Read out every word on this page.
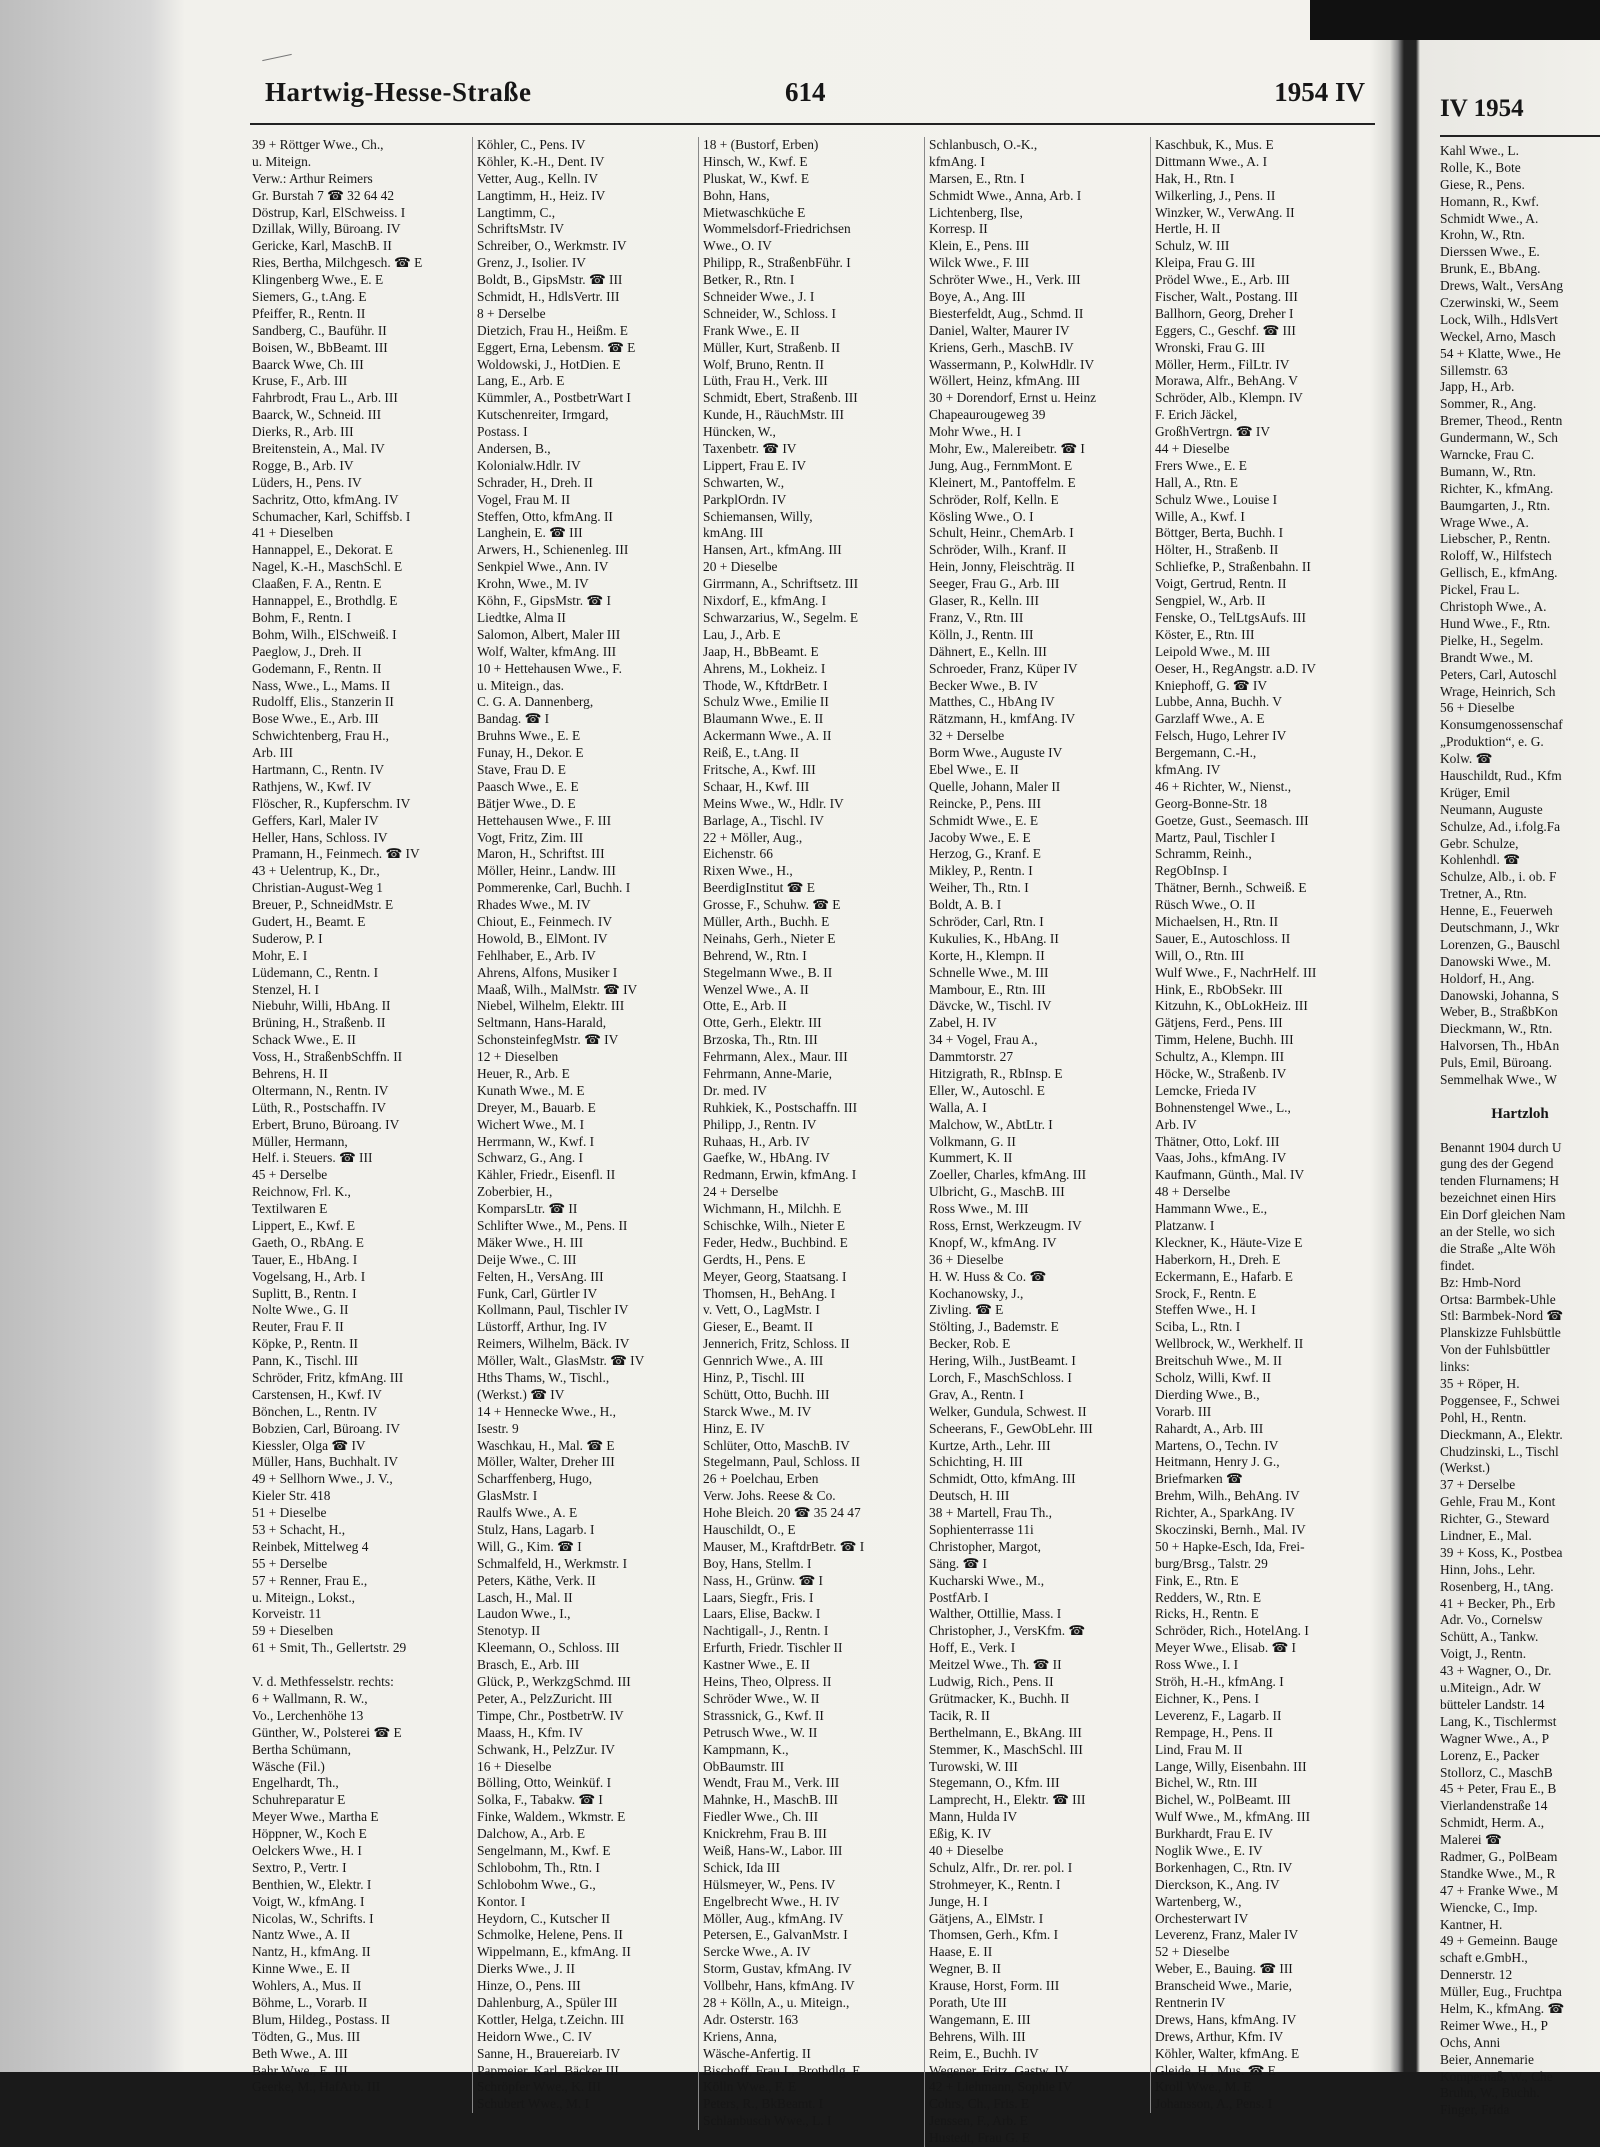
Hartwig-Hesse-Straße	614	1954 IV
39 + Röttger Wwe., Ch.,
u. Miteign.
Verw.: Arthur Reimers
Gr. Burstah 7 ☎ 32 64 42
Döstrup, Karl, ElSchweiss. I
Dzillak, Willy, Büroang. IV
Gericke, Karl, MaschB. II
Ries, Bertha, Milchgesch. ☎ E
Klingenberg Wwe., E. E
Siemers, G., t.Ang. E
Pfeiffer, R., Rentn. II
Sandberg, C., Bauführ. II
Boisen, W., BbBeamt. III
Baarck Wwe, Ch. III
Kruse, F., Arb. III
Fahrbrodt, Frau L., Arb. III
Baarck, W., Schneid. III
Dierks, R., Arb. III
Breitenstein, A., Mal. IV
Rogge, B., Arb. IV
Lüders, H., Pens. IV
Sachritz, Otto, kfmAng. IV
Schumacher, Karl, Schiffsb. I
41 + Dieselben
Hannappel, E., Dekorat. E
Nagel, K.-H., MaschSchl. E
Claaßen, F. A., Rentn. E
Hannappel, E., Brothdlg. E
Bohm, F., Rentn. I
Bohm, Wilh., ElSchweiß. I
Paeglow, J., Dreh. II
Godemann, F., Rentn. II
Nass, Wwe., L., Mams. II
Rudolff, Elis., Stanzerin II
Bose Wwe., E., Arb. III
Schwichtenberg, Frau H.,
Arb. III
Hartmann, C., Rentn. IV
Rathjens, W., Kwf. IV
Flöscher, R., Kupferschm. IV
Geffers, Karl, Maler IV
Heller, Hans, Schloss. IV
Pramann, H., Feinmech. ☎ IV
43 + Uelentrup, K., Dr.,
Christian-August-Weg 1
Breuer, P., SchneidMstr. E
Gudert, H., Beamt. E
Suderow, P. I
Mohr, E. I
Lüdemann, C., Rentn. I
Stenzel, H. I
Niebuhr, Willi, HbAng. II
Brüning, H., Straßenb. II
Schack Wwe., E. II
Voss, H., StraßenbSchffn. II
Behrens, H. II
Oltermann, N., Rentn. IV
Lüth, R., Postschaffn. IV
Erbert, Bruno, Büroang. IV
Müller, Hermann,
Helf. i. Steuers. ☎ III
45 + Derselbe
Reichnow, Frl. K.,
Textilwaren E
Lippert, E., Kwf. E
Gaeth, O., RbAng. E
Tauer, E., HbAng. I
Vogelsang, H., Arb. I
Suplitt, B., Rentn. I
Nolte Wwe., G. II
Reuter, Frau F. II
Köpke, P., Rentn. II
Pann, K., Tischl. III
Schröder, Fritz, kfmAng. III
Carstensen, H., Kwf. IV
Bönchen, L., Rentn. IV
Bobzien, Carl, Büroang. IV
Kiessler, Olga ☎ IV
Müller, Hans, Buchhalt. IV
49 + Sellhorn Wwe., J. V.,
Kieler Str. 418
51 + Dieselbe
53 + Schacht, H.,
Reinbek, Mittelweg 4
55 + Derselbe
57 + Renner, Frau E.,
u. Miteign., Lokst.,
Korveistr. 11
59 + Dieselben
61 + Smit, Th., Gellertstr. 29
V. d. Methfesselstr. rechts:
6 + Wallmann, R. W.,
Vo., Lerchenhöhe 13
Günther, W., Polsterei ☎ E
Bertha Schümann,
Wäsche (Fil.)
Engelhardt, Th.,
Schuhreparatur E
Meyer Wwe., Martha E
Höppner, W., Koch E
Oelckers Wwe., H. I
Sextro, P., Vertr. I
Benthien, W., Elektr. I
Voigt, W., kfmAng. I
Nicolas, W., Schrifts. I
Nantz Wwe., A. II
Nantz, H., kfmAng. II
Kinne Wwe., E. II
Wohlers, A., Mus. II
Böhme, L., Vorarb. II
Blum, Hildeg., Postass. II
Tödten, G., Mus. III
Beth Wwe., A. III
Bahr Wwe., E. III
Geerke, M., HafArb. III
Köhler, C., Pens. IV
Köhler, K.-H., Dent. IV
Vetter, Aug., Kelln. IV
Langtimm, H., Heiz. IV
Langtimm, C.,
SchriftsMstr. IV
Schreiber, O., Werkmstr. IV
Grenz, J., Isolier. IV
Boldt, B., GipsMstr. ☎ III
Schmidt, H., HdlsVertr. III
8 + Derselbe
Dietzich, Frau H., Heißm. E
Eggert, Erna, Lebensm. ☎ E
Woldowski, J., HotDien. E
Lang, E., Arb. E
Kümmler, A., PostbetrWart I
Kutschenreiter, Irmgard,
Postass. I
Andersen, B.,
Kolonialw.Hdlr. IV
Schrader, H., Dreh. II
Vogel, Frau M. II
Steffen, Otto, kfmAng. II
Langhein, E. ☎ III
Arwers, H., Schienenleg. III
Senkpiel Wwe., Ann. IV
Krohn, Wwe., M. IV
Köhn, F., GipsMstr. ☎ I
Liedtke, Alma II
Salomon, Albert, Maler III
Wolf, Walter, kfmAng. III
10 + Hettehausen Wwe., F.
u. Miteign., das.
C. G. A. Dannenberg,
Bandag. ☎ I
Bruhns Wwe., E. E
Funay, H., Dekor. E
Stave, Frau D. E
Paasch Wwe., E. E
Bätjer Wwe., D. E
Hettehausen Wwe., F. III
Vogt, Fritz, Zim. III
Maron, H., Schriftst. III
Möller, Heinr., Landw. III
Pommerenke, Carl, Buchh. I
Rhades Wwe., M. IV
Chiout, E., Feinmech. IV
Howold, B., ElMont. IV
Fehlhaber, E., Arb. IV
Ahrens, Alfons, Musiker I
Maaß, Wilh., MalMstr. ☎ IV
Niebel, Wilhelm, Elektr. III
Seltmann, Hans-Harald,
SchonsteinfegMstr. ☎ IV
12 + Dieselben
Heuer, R., Arb. E
Kunath Wwe., M. E
Dreyer, M., Bauarb. E
Wichert Wwe., M. I
Herrmann, W., Kwf. I
Schwarz, G., Ang. I
Kähler, Friedr., Eisenfl. II
Zoberbier, H.,
KomparsLtr. ☎ II
Schlifter Wwe., M., Pens. II
Mäker Wwe., H. III
Deije Wwe., C. III
Felten, H., VersAng. III
Funk, Carl, Gürtler IV
Kollmann, Paul, Tischler IV
Lüstorff, Arthur, Ing. IV
Reimers, Wilhelm, Bäck. IV
Möller, Walt., GlasMstr. ☎ IV
Hths Thams, W., Tischl.,
(Werkst.) ☎ IV
14 + Hennecke Wwe., H.,
Isestr. 9
Waschkau, H., Mal. ☎ E
Möller, Walter, Dreher III
Scharffenberg, Hugo,
GlasMstr. I
Raulfs Wwe., A. E
Stulz, Hans, Lagarb. I
Will, G., Kim. ☎ I
Schmalfeld, H., Werkmstr. I
Peters, Käthe, Verk. II
Lasch, H., Mal. II
Laudon Wwe., I.,
Stenotyp. II
Kleemann, O., Schloss. III
Brasch, E., Arb. III
Glück, P., WerkzgSchmd. III
Peter, A., PelzZuricht. III
Timpe, Chr., PostbetrW. IV
Maass, H., Kfm. IV
Schwank, H., PelzZur. IV
16 + Dieselbe
Bölling, Otto, Weinküf. I
Solka, F., Tabakw. ☎ I
Finke, Waldem., Wkmstr. E
Dalchow, A., Arb. E
Sengelmann, M., Kwf. E
Schlobohm, Th., Rtn. I
Schlobohm Wwe., G.,
Kontor. I
Heydorn, C., Kutscher II
Schmolke, Helene, Pens. II
Wippelmann, E., kfmAng. II
Dierks Wwe., J. II
Hinze, O., Pens. III
Dahlenburg, A., Spüler III
Kottler, Helga, t.Zeichn. III
Heidorn Wwe., C. IV
Sanne, H., Brauereiarb. IV
Papmeier, Karl, Bäcker III
Schröpfer Wwe., K. III
Schubert Wwe., M. I
18 + (Bustorf, Erben)
Hinsch, W., Kwf. E
Pluskat, W., Kwf. E
Bohn, Hans,
Mietwaschküche E
Wommelsdorf-Friedrichsen
Wwe., O. IV
Philipp, R., StraßenbFühr. I
Betker, R., Rtn. I
Schneider Wwe., J. I
Schneider, W., Schloss. I
Frank Wwe., E. II
Müller, Kurt, Straßenb. II
Wolf, Bruno, Rentn. II
Lüth, Frau H., Verk. III
Schmidt, Ebert, Straßenb. III
Kunde, H., RäuchMstr. III
Hüncken, W.,
Taxenbetr. ☎ IV
Lippert, Frau E. IV
Schwarten, W.,
ParkplOrdn. IV
Schiemansen, Willy,
kmAng. III
Hansen, Art., kfmAng. III
20 + Dieselbe
Girrmann, A., Schriftsetz. III
Nixdorf, E., kfmAng. I
Schwarzarius, W., Segelm. E
Lau, J., Arb. E
Jaap, H., BbBeamt. E
Ahrens, M., Lokheiz. I
Thode, W., KftdrBetr. I
Schulz Wwe., Emilie II
Blaumann Wwe., E. II
Ackermann Wwe., A. II
Reiß, E., t.Ang. II
Fritsche, A., Kwf. III
Schaar, H., Kwf. III
Meins Wwe., W., Hdlr. IV
Barlage, A., Tischl. IV
22 + Möller, Aug.,
Eichenstr. 66
Rixen Wwe., H.,
BeerdigInstitut ☎ E
Grosse, F., Schuhw. ☎ E
Müller, Arth., Buchh. E
Neinahs, Gerh., Nieter E
Behrend, W., Rtn. I
Stegelmann Wwe., B. II
Wenzel Wwe., A. II
Otte, E., Arb. II
Otte, Gerh., Elektr. III
Brzoska, Th., Rtn. III
Fehrmann, Alex., Maur. III
Fehrmann, Anne-Marie,
Dr. med. IV
Ruhkiek, K., Postschaffn. III
Philipp, J., Rentn. IV
Ruhaas, H., Arb. IV
Gaefke, W., HbAng. IV
Redmann, Erwin, kfmAng. I
24 + Derselbe
Wichmann, H., Milchh. E
Schischke, Wilh., Nieter E
Feder, Hedw., Buchbind. E
Gerdts, H., Pens. E
Meyer, Georg, Staatsang. I
Thomsen, H., BehAng. I
v. Vett, O., LagMstr. I
Gieser, E., Beamt. II
Jennerich, Fritz, Schloss. II
Gennrich Wwe., A. III
Hinz, P., Tischl. III
Schütt, Otto, Buchh. III
Starck Wwe., M. IV
Hinz, E. IV
Schlüter, Otto, MaschB. IV
Stegelmann, Paul, Schloss. II
26 + Poelchau, Erben
Verw. Johs. Reese & Co.
Hohe Bleich. 20 ☎ 35 24 47
Hauschildt, O., E
Mauser, M., KraftdrBetr. ☎ I
Boy, Hans, Stellm. I
Nass, H., Grünw. ☎ I
Laars, Siegfr., Fris. I
Laars, Elise, Backw. I
Nachtigall-, J., Rentn. I
Erfurth, Friedr. Tischler II
Kastner Wwe., E. II
Heins, Theo, Olpress. II
Schröder Wwe., W. II
Strassnick, G., Kwf. II
Petrusch Wwe., W. II
Kampmann, K.,
ObBaumstr. III
Wendt, Frau M., Verk. III
Mahnke, H., MaschB. III
Fiedler Wwe., Ch. III
Knickrehm, Frau B. III
Weiß, Hans-W., Labor. III
Schick, Ida III
Hülsmeyer, W., Pens. IV
Engelbrecht Wwe., H. IV
Möller, Aug., kfmAng. IV
Petersen, E., GalvanMstr. I
Sercke Wwe., A. IV
Storm, Gustav, kfmAng. IV
Vollbehr, Hans, kfmAng. IV
28 + Kölln, A., u. Miteign.,
Adr. Osterstr. 163
Kriens, Anna,
Wäsche-Anfertig. II
Bischoff, Frau I., Brothdlg. E
Kölln Wwe., F. E
Peters, R., BkBeamt. I
Schlanbusch Wwe., L. I
Schlanbusch, O.-K.,
kfmAng. I
Marsen, E., Rtn. I
Schmidt Wwe., Anna, Arb. I
Lichtenberg, Ilse,
Korresp. II
Klein, E., Pens. III
Wilck Wwe., F. III
Schröter Wwe., H., Verk. III
Boye, A., Ang. III
Biesterfeldt, Aug., Schmd. II
Daniel, Walter, Maurer IV
Kriens, Gerh., MaschB. IV
Wassermann, P., KolwHdlr. IV
Wöllert, Heinz, kfmAng. III
30 + Dorendorf, Ernst u. Heinz
Chapeaurougeweg 39
Mohr Wwe., H. I
Mohr, Ew., Malereibetr. ☎ I
Jung, Aug., FernmMont. E
Kleinert, M., Pantoffelm. E
Schröder, Rolf, Kelln. E
Kösling Wwe., O. I
Schult, Heinr., ChemArb. I
Schröder, Wilh., Kranf. II
Hein, Jonny, Fleischträg. II
Seeger, Frau G., Arb. III
Glaser, R., Kelln. III
Franz, V., Rtn. III
Kölln, J., Rentn. III
Dähnert, E., Kelln. III
Schroeder, Franz, Küper IV
Becker Wwe., B. IV
Matthes, C., HbAng IV
Rätzmann, H., kmfAng. IV
32 + Derselbe
Borm Wwe., Auguste IV
Ebel Wwe., E. II
Quelle, Johann, Maler II
Reincke, P., Pens. III
Schmidt Wwe., E. E
Jacoby Wwe., E. E
Herzog, G., Kranf. E
Mikley, P., Rentn. I
Weiher, Th., Rtn. I
Boldt, A. B. I
Schröder, Carl, Rtn. I
Kukulies, K., HbAng. II
Korte, H., Klempn. II
Schnelle Wwe., M. III
Mambour, E., Rtn. III
Dävcke, W., Tischl. IV
Zabel, H. IV
34 + Vogel, Frau A.,
Dammtorstr. 27
Hitzigrath, R., RbInsp. E
Eller, W., Autoschl. E
Walla, A. I
Malchow, W., AbtLtr. I
Volkmann, G. II
Kummert, K. II
Zoeller, Charles, kfmAng. III
Ulbricht, G., MaschB. III
Ross Wwe., M. III
Ross, Ernst, Werkzeugm. IV
Knopf, W., kfmAng. IV
36 + Dieselbe
H. W. Huss & Co. ☎
Kochanowsky, J.,
Zivling. ☎ E
Stölting, J., Bademstr. E
Becker, Rob. E
Hering, Wilh., JustBeamt. I
Lorch, F., MaschSchloss. I
Grav, A., Rentn. I
Welker, Gundula, Schwest. II
Scheerans, F., GewObLehr. III
Kurtze, Arth., Lehr. III
Schichting, H. III
Schmidt, Otto, kfmAng. III
Deutsch, H. III
38 + Martell, Frau Th.,
Sophienterrasse 11i
Christopher, Margot,
Säng. ☎ I
Kucharski Wwe., M.,
PostfArb. I
Walther, Ottillie, Mass. I
Christopher, J., VersKfm. ☎
Hoff, E., Verk. I
Meitzel Wwe., Th. ☎ II
Ludwig, Rich., Pens. II
Grütmacker, K., Buchh. II
Tacik, R. II
Berthelmann, E., BkAng. III
Stemmer, K., MaschSchl. III
Turowski, W. III
Stegemann, O., Kfm. III
Lamprecht, H., Elektr. ☎ III
Mann, Hulda IV
Eßig, K. IV
40 + Dieselbe
Schulz, Alfr., Dr. rer. pol. I
Strohmeyer, K., Rentn. I
Junge, H. I
Gätjens, A., ElMstr. I
Thomsen, Gerh., Kfm. I
Haase, E. II
Wegner, B. II
Krause, Horst, Form. III
Porath, Ute III
Wangemann, E. III
Behrens, Wilh. III
Reim, E., Buchh. IV
Wegener, Fritz, Gastw. IV
42 + Liehmann, Sophie IV
Cohrs, Ch., Fris. E
Jenssen, F., Arb. E
Hustedt, Frau G. E
Kaschbuk, K., Mus. E
Dittmann Wwe., A. I
Hak, H., Rtn. I
Wilkerling, J., Pens. II
Winzker, W., VerwAng. II
Hertle, H. II
Schulz, W. III
Kleipa, Frau G. III
Prödel Wwe., E., Arb. III
Fischer, Walt., Postang. III
Ballhorn, Georg, Dreher I
Eggers, C., Geschf. ☎ III
Wronski, Frau G. III
Möller, Herm., FilLtr. IV
Morawa, Alfr., BehAng. V
Schröder, Alb., Klempn. IV
F. Erich Jäckel,
GroßhVertrgn. ☎ IV
44 + Dieselbe
Frers Wwe., E. E
Hall, A., Rtn. E
Schulz Wwe., Louise I
Wille, A., Kwf. I
Böttger, Berta, Buchh. I
Hölter, H., Straßenb. II
Schliefke, P., Straßenbahn. II
Voigt, Gertrud, Rentn. II
Sengpiel, W., Arb. II
Fenske, O., TelLtgsAufs. III
Köster, E., Rtn. III
Leipold Wwe., M. III
Oeser, H., RegAngstr. a.D. IV
Kniephoff, G. ☎ IV
Lubbe, Anna, Buchh. V
Garzlaff Wwe., A. E
Felsch, Hugo, Lehrer IV
Bergemann, C.-H.,
kfmAng. IV
46 + Richter, W., Nienst.,
Georg-Bonne-Str. 18
Goetze, Gust., Seemasch. III
Martz, Paul, Tischler I
Schramm, Reinh.,
RegObInsp. I
Thätner, Bernh., Schweiß. E
Rüsch Wwe., O. II
Michaelsen, H., Rtn. II
Sauer, E., Autoschloss. II
Will, O., Rtn. III
Wulf Wwe., F., NachrHelf. III
Hink, E., RbObSekr. III
Kitzuhn, K., ObLokHeiz. III
Gätjens, Ferd., Pens. III
Timm, Helene, Buchh. III
Schultz, A., Klempn. III
Höcke, W., Straßenb. IV
Lemcke, Frieda IV
Bohnenstengel Wwe., L.,
Arb. IV
Thätner, Otto, Lokf. III
Vaas, Johs., kfmAng. IV
Kaufmann, Günth., Mal. IV
48 + Derselbe
Hammann Wwe., E.,
Platzanw. I
Kleckner, K., Häute-Vize E
Haberkorn, H., Dreh. E
Eckermann, E., Hafarb. E
Srock, F., Rentn. E
Steffen Wwe., H. I
Sciba, L., Rtn. I
Wellbrock, W., Werkhelf. II
Breitschuh Wwe., M. II
Scholz, Willi, Kwf. II
Dierding Wwe., B.,
Vorarb. III
Rahardt, A., Arb. III
Martens, O., Techn. IV
Heitmann, Henry J. G.,
Briefmarken ☎
Brehm, Wilh., BehAng. IV
Richter, A., SparkAng. IV
Skoczinski, Bernh., Mal. IV
50 + Hapke-Esch, Ida, Frei-
burg/Brsg., Talstr. 29
Fink, E., Rtn. E
Redders, W., Rtn. E
Ricks, H., Rentn. E
Schröder, Rich., HotelAng. I
Meyer Wwe., Elisab. ☎ I
Ross Wwe., I. I
Ströh, H.-H., kfmAng. I
Eichner, K., Pens. I
Leverenz, F., Lagarb. II
Rempage, H., Pens. II
Lind, Frau M. II
Lange, Willy, Eisenbahn. III
Bichel, W., Rtn. III
Bichel, W., PolBeamt. III
Wulf Wwe., M., kfmAng. III
Burkhardt, Frau E. IV
Noglik Wwe., E. IV
Borkenhagen, C., Rtn. IV
Dierckson, K., Ang. IV
Wartenberg, W.,
Orchesterwart IV
Leverenz, Franz, Maler IV
52 + Dieselbe
Weber, E., Bauing. ☎ III
Branscheid Wwe., Marie,
Rentnerin IV
Drews, Hans, kfmAng. IV
Drews, Arthur, Kfm. IV
Köhler, Walter, kfmAng. E
Gleide, H., Mus. ☎ E
Kroll Wwe., M. E
Johansson, A., Pens. I
IV 1954
Kahl Wwe., L.
Rolle, K., Bote
Giese, R., Pens.
Homann, R., Kwf.
Schmidt Wwe., A.
Krohn, W., Rtn.
Dierssen Wwe., E.
Brunk, E., BbAng.
Drews, Walt., VersAng
Czerwinski, W., Seem
Lock, Wilh., HdlsVert
Weckel, Arno, Masch
54 + Klatte, Wwe., He
Sillemstr. 63
Japp, H., Arb.
Sommer, R., Ang.
Bremer, Theod., Rentn
Gundermann, W., Sch
Warncke, Frau C.
Bumann, W., Rtn.
Richter, K., kfmAng.
Baumgarten, J., Rtn.
Wrage Wwe., A.
Liebscher, P., Rentn.
Roloff, W., Hilfstech
Gellisch, E., kfmAng.
Pickel, Frau L.
Christoph Wwe., A.
Hund Wwe., F., Rtn.
Pielke, H., Segelm.
Brandt Wwe., M.
Peters, Carl, Autoschl
Wrage, Heinrich, Sch
56 + Dieselbe
Konsumgenossenschaf
„Produktion“, e. G.
Kolw. ☎
Hauschildt, Rud., Kfm
Krüger, Emil
Neumann, Auguste
Schulze, Ad., i.folg.Fa
Gebr. Schulze,
Kohlenhdl. ☎
Schulze, Alb., i. ob. F
Tretner, A., Rtn.
Henne, E., Feuerweh
Deutschmann, J., Wkr
Lorenzen, G., Bauschl
Danowski Wwe., M.
Holdorf, H., Ang.
Danowski, Johanna, S
Weber, B., StraßbKon
Dieckmann, W., Rtn.
Halvorsen, Th., HbAn
Puls, Emil, Büroang.
Semmelhak Wwe., W
Hartzloh
Benannt 1904 durch U
gung des der Gegend
tenden Flurnamens; H
bezeichnet einen Hirs
Ein Dorf gleichen Nam
an der Stelle, wo sich
die Straße „Alte Wöh
findet.
Bz: Hmb-Nord
Ortsa: Barmbek-Uhle
Stl: Barmbek-Nord ☎
Planskizze Fuhlsbüttle
Von der Fuhlsbüttler
links:
35 + Röper, H.
Poggensee, F., Schwei
Pohl, H., Rentn.
Dieckmann, A., Elektr.
Chudzinski, L., Tischl
(Werkst.)
37 + Derselbe
Gehle, Frau M., Kont
Richter, G., Steward
Lindner, E., Mal.
39 + Koss, K., Postbea
Hinn, Johs., Lehr.
Rosenberg, H., tAng.
41 + Becker, Ph., Erb
Adr. Vo., Cornelsw
Schütt, A., Tankw.
Voigt, J., Rentn.
43 + Wagner, O., Dr.
u.Miteign., Adr. W
bütteler Landstr. 14
Lang, K., Tischlermst
Wagner Wwe., A., P
Lorenz, E., Packer
Stollorz, C., MaschB
45 + Peter, Frau E., B
Vierlandenstraße 14
Schmidt, Herm. A.,
Malerei ☎
Radmer, G., PolBeam
Standke Wwe., M., R
47 + Franke Wwe., M
Wiencke, C., Imp.
Kantner, H.
49 + Gemeinn. Bauge
schaft e.GmbH.,
Dennerstr. 12
Müller, Eug., Fruchtpa
Helm, K., kfmAng. ☎
Reimer Wwe., H., P
Ochs, Anni
Beier, Annemarie
Kompernaß, W., Che
Bruhn, W., Buchh.
Finger, Frida
